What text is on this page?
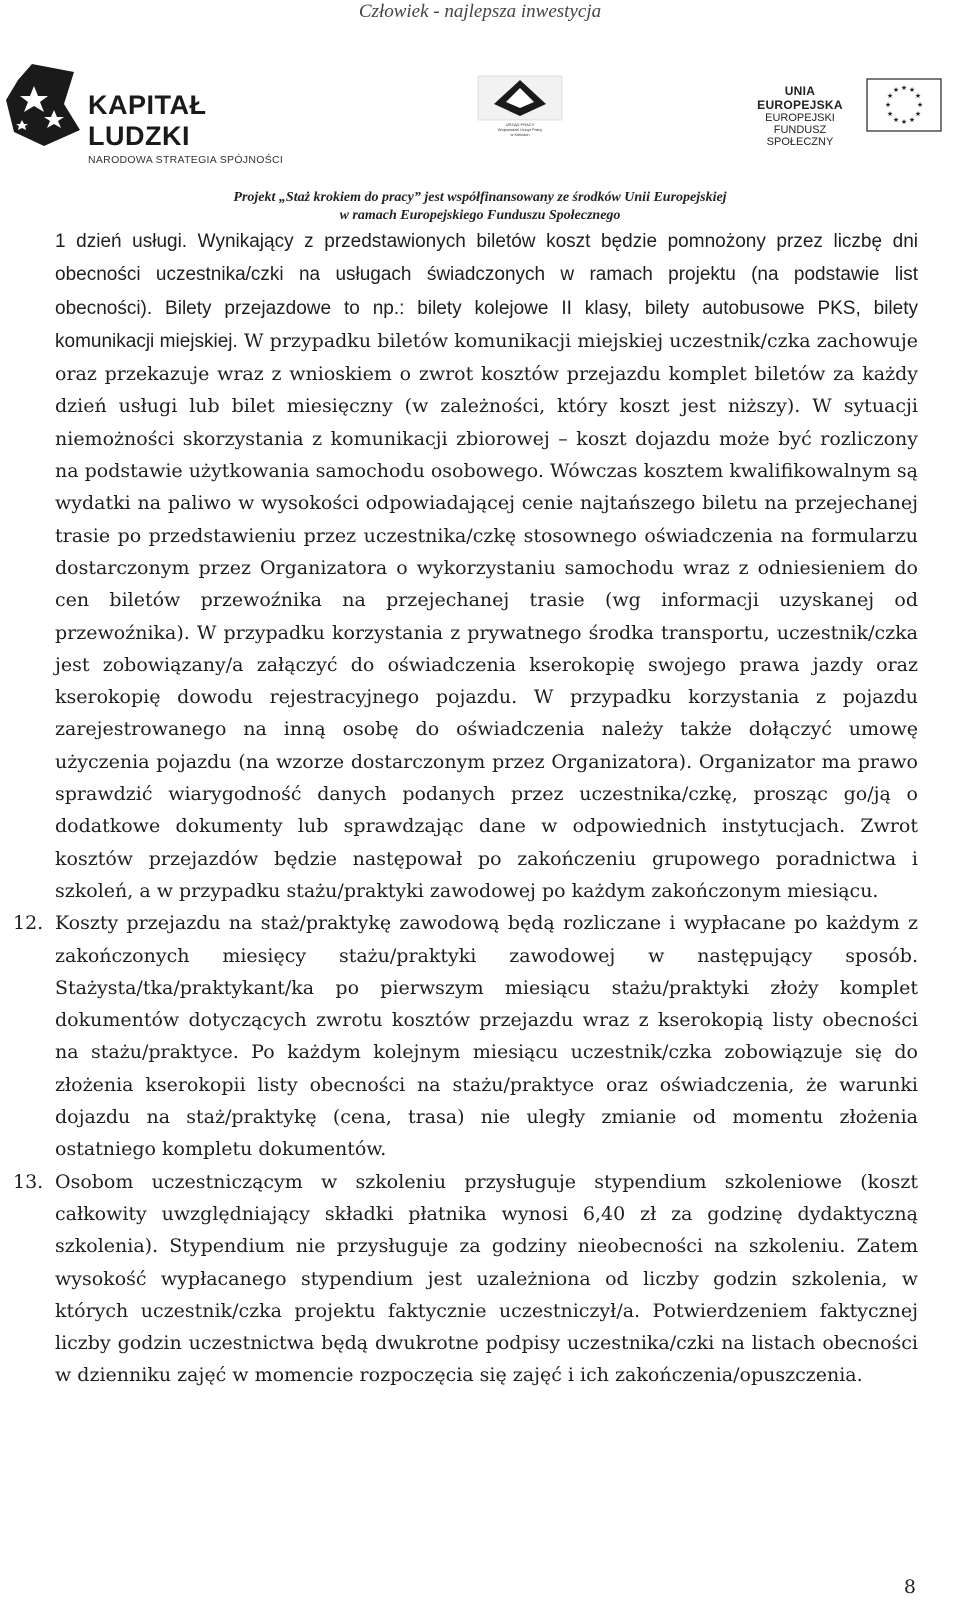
Człowiek - najlepsza inwestycja
KAPITAŁ LUDZKI
NARODOWA STRATEGIA SPÓJNOŚCI
URZĄD PRACY
Wojewódzki Urząd Pracy
w Kielcach
UNIA EUROPEJSKA
EUROPEJSKI
FUNDUSZ SPOŁECZNY
★ ★
★
★
★
★
★
★
★
★
★
★
Projekt „Staż krokiem do pracy” jest współfinansowany ze środków Unii Europejskiej
w ramach Europejskiego Funduszu Społecznego

1 dzień usługi. Wynikający z przedstawionych biletów koszt będzie pomnożony przez liczbę dni obecności uczestnika/czki na usługach świadczonych w ramach projektu (na podstawie list obecności). Bilety przejazdowe to np.: bilety kolejowe II klasy, bilety autobusowe PKS, bilety komunikacji miejskiej. W przypadku biletów komunikacji miejskiej uczestnik/czka zachowuje oraz przekazuje wraz z wnioskiem o zwrot kosztów przejazdu komplet biletów za każdy dzień usługi lub bilet miesięczny (w zależności, który koszt jest niższy). W sytuacji niemożności skorzystania z komunikacji zbiorowej – koszt dojazdu może być rozliczony na podstawie użytkowania samochodu osobowego. Wówczas kosztem kwalifikowalnym są wydatki na paliwo w wysokości odpowiadającej cenie najtańszego biletu na przejechanej trasie po przedstawieniu przez uczestnika/czkę stosownego oświadczenia na formularzu dostarczonym przez Organizatora o wykorzystaniu samochodu wraz z odniesieniem do cen biletów przewoźnika na przejechanej trasie (wg informacji uzyskanej od przewoźnika). W przypadku korzystania z prywatnego środka transportu, uczestnik/czka jest zobowiązany/a załączyć do oświadczenia kserokopię swojego prawa jazdy oraz kserokopię dowodu rejestracyjnego pojazdu. W przypadku korzystania z pojazdu zarejestrowanego na inną osobę do oświadczenia należy także dołączyć umowę użyczenia pojazdu (na wzorze dostarczonym przez Organizatora). Organizator ma prawo sprawdzić wiarygodność danych podanych przez uczestnika/czkę, prosząc go/ją o dodatkowe dokumenty lub sprawdzając dane w odpowiednich instytucjach. Zwrot kosztów przejazdów będzie następował po zakończeniu grupowego poradnictwa i szkoleń, a w przypadku stażu/praktyki zawodowej po każdym zakończonym miesiącu.

12. Koszty przejazdu na staż/praktykę zawodową będą rozliczane i wypłacane po każdym z zakończonych miesięcy stażu/praktyki zawodowej w następujący sposób. Stażysta/tka/praktykant/ka po pierwszym miesiącu stażu/praktyki złoży komplet dokumentów dotyczących zwrotu kosztów przejazdu wraz z kserokopią listy obecności na stażu/praktyce. Po każdym kolejnym miesiącu uczestnik/czka zobowiązuje się do złożenia kserokopii listy obecności na stażu/praktyce oraz oświadczenia, że warunki dojazdu na staż/praktykę (cena, trasa) nie uległy zmianie od momentu złożenia ostatniego kompletu dokumentów.

13. Osobom uczestniczącym w szkoleniu przysługuje stypendium szkoleniowe (koszt całkowity uwzględniający składki płatnika wynosi 6,40 zł za godzinę dydaktyczną szkolenia). Stypendium nie przysługuje za godziny nieobecności na szkoleniu. Zatem wysokość wypłacanego stypendium jest uzależniona od liczby godzin szkolenia, w których uczestnik/czka projektu faktycznie uczestniczył/a. Potwierdzeniem faktycznej liczby godzin uczestnictwa będą dwukrotne podpisy uczestnika/czki na listach obecności w dzienniku zajęć w momencie rozpoczęcia się zajęć i ich zakończenia/opuszczenia.

8
